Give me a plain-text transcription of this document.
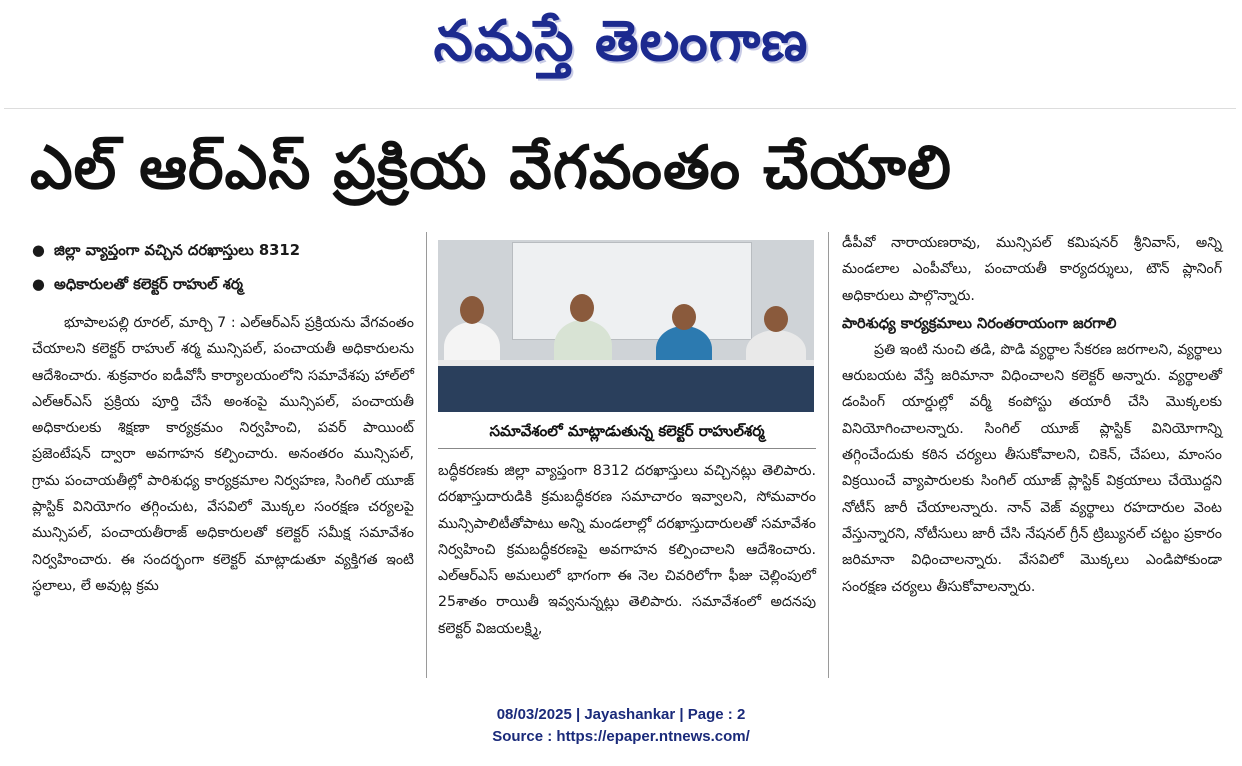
నమస్తే తెలంగాణ
ఎల్ ఆర్ఎస్ ప్రక్రియ వేగవంతం చేయాలి

● జిల్లా వ్యాప్తంగా వచ్చిన దరఖాస్తులు 8312

● అధికారులతో కలెక్టర్ రాహుల్ శర్మ

భూపాలపల్లి రూరల్, మార్చి 7 : ఎల్ఆర్ఎస్ ప్రక్రియను వేగవంతం చేయాలని కలెక్టర్ రాహుల్ శర్మ మున్సిపల్, పంచాయతీ అధికారులను ఆదేశించారు. శుక్రవారం ఐడీవోసీ కార్యాలయంలోని సమావేశపు హాల్‌లో ఎల్ఆర్ఎస్ ప్రక్రియ పూర్తి చేసే అంశంపై మున్సిపల్, పంచాయతీ అధికారులకు శిక్షణా కార్యక్రమం నిర్వహించి, పవర్ పాయింట్ ప్రజెంటేషన్ ద్వారా అవగాహన కల్పించారు. అనంతరం మున్సిపల్, గ్రామ పంచాయతీల్లో పారిశుధ్య కార్యక్రమాల నిర్వహణ, సింగిల్ యూజ్ ప్లాస్టిక్ వినియోగం తగ్గించుట, వేసవిలో మొక్కల సంరక్షణ చర్యలపై మున్సిపల్, పంచాయతీరాజ్ అధికారులతో కలెక్టర్ సమీక్ష సమావేశం నిర్వహించారు. ఈ సందర్భంగా కలెక్టర్ మాట్లాడుతూ వ్యక్తిగత ఇంటి స్థలాలు, లే అవుట్ల క్రమ

సమావేశంలో మాట్లాడుతున్న కలెక్టర్ రాహుల్‌శర్మ

బద్ధీకరణకు జిల్లా వ్యాప్తంగా 8312 దరఖాస్తులు వచ్చినట్లు తెలిపారు. దరఖాస్తుదారుడికి క్రమబద్ధీకరణ సమాచారం ఇవ్వాలని, సోమవారం మున్సిపాలిటీతోపాటు అన్ని మండలాల్లో దరఖాస్తుదారులతో సమావేశం నిర్వహించి క్రమబద్ధీకరణపై అవగాహన కల్పించాలని ఆదేశించారు. ఎల్ఆర్ఎస్ అమలులో భాగంగా ఈ నెల చివరిలోగా ఫీజు చెల్లింపులో 25శాతం రాయితీ ఇవ్వనున్నట్లు తెలిపారు. సమావేశంలో అదనపు కలెక్టర్ విజయలక్ష్మి,

డీపీవో నారాయణరావు, మున్సిపల్ కమిషనర్ శ్రీనివాస్, అన్ని మండలాల ఎంపీవోలు, పంచాయతీ కార్యదర్శులు, టౌన్ ప్లానింగ్ అధికారులు పాల్గొన్నారు.

పారిశుధ్య కార్యక్రమాలు నిరంతరాయంగా జరగాలి

ప్రతి ఇంటి నుంచి తడి, పొడి వ్యర్థాల సేకరణ జరగాలని, వ్యర్థాలు ఆరుబయట వేస్తే జరిమానా విధించాలని కలెక్టర్ అన్నారు. వ్యర్థాలతో డంపింగ్ యార్డుల్లో వర్మీ కంపోస్టు తయారీ చేసి మొక్కలకు వినియోగించాలన్నారు. సింగిల్ యూజ్ ప్లాస్టిక్ వినియోగాన్ని తగ్గించేందుకు కఠిన చర్యలు తీసుకోవాలని, చికెన్, చేపలు, మాంసం విక్రయించే వ్యాపారులకు సింగిల్ యూజ్ ప్లాస్టిక్ విక్రయాలు చేయొద్దని నోటీస్ జారీ చేయాలన్నారు. నాన్ వెజ్ వ్యర్థాలు రహదారుల వెంట వేస్తున్నారని, నోటీసులు జారీ చేసి నేషనల్ గ్రీన్ ట్రిబ్యునల్ చట్టం ప్రకారం జరిమానా విధించాలన్నారు. వేసవిలో మొక్కలు ఎండిపోకుండా సంరక్షణ చర్యలు తీసుకోవాలన్నారు.

08/03/2025 | Jayashankar | Page : 2
Source : https://epaper.ntnews.com/
